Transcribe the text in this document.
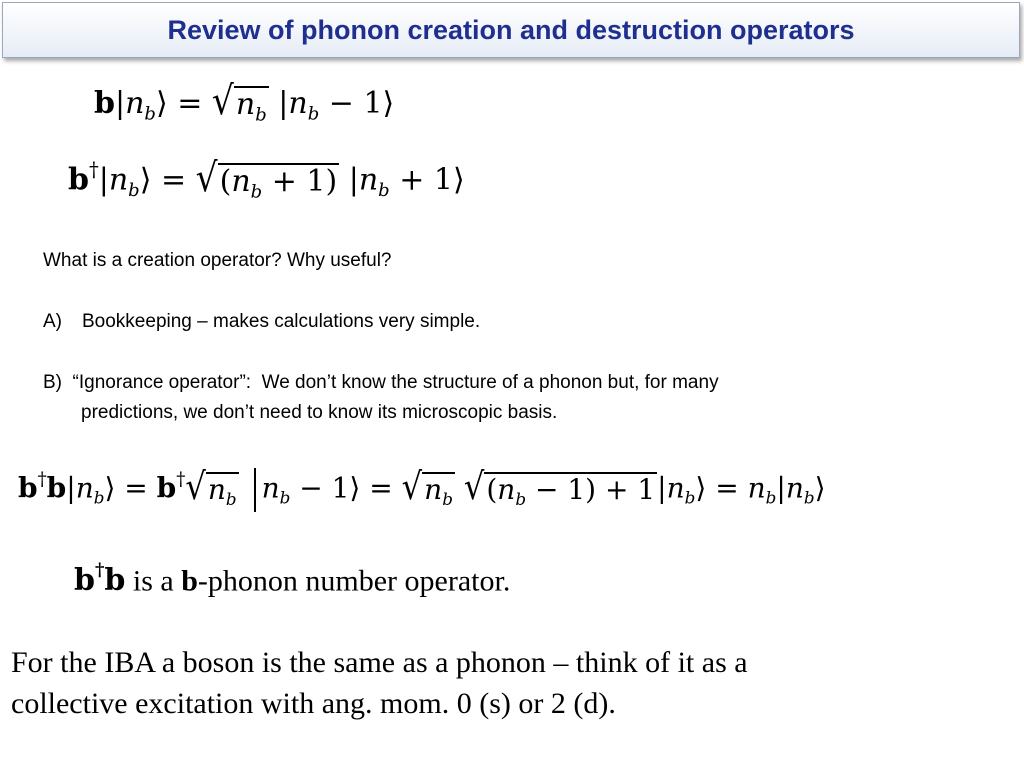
Review of phonon creation and destruction operators
$b|n_b⟩$ = √ $n_b$ $|n_b$ − 1⟩
$b^\dagger|n_b⟩$ = √ $(n_b + 1) |n_b$ + 1⟩
What is a creation operator? Why useful?
A) Bookkeeping – makes calculations very simple.
B)  “Ignorance operator”:  We don’t know the structure of a phonon but, for many
predictions, we don’t need to know its microscopic basis.
$b^\dagger b|n_b⟩ = b^\dagger$ √ $n_b$ $n_b$ − 1⟩ = √ $n_b$
√ $(n_b - 1) + 1$ $|n_b⟩$ = $n_b|n_b⟩$
b†b is a b-phonon number operator.
For the IBA a boson is the same as a phonon – think of it as a
collective excitation with ang. mom. 0 (s) or 2 (d).
